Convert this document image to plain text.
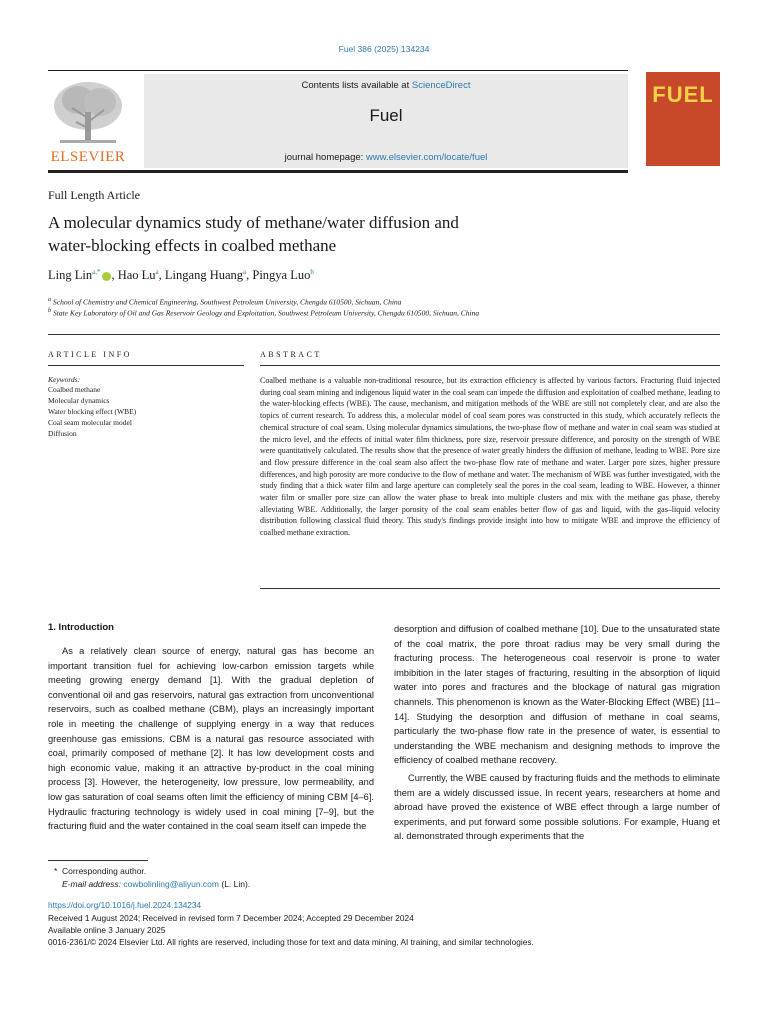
Fuel 386 (2025) 134234
ELSEVIER
Contents lists available at ScienceDirect
Fuel
journal homepage: www.elsevier.com/locate/fuel
FUEL
Full Length Article
A molecular dynamics study of methane/water diffusion and
water-blocking effects in coalbed methane
Ling Lin$^{a,*}$ , Hao Lu$^a$, Lingang Huang$^a$, Pingya Luo$^b$
$^a$ School of Chemistry and Chemical Engineering, Southwest Petroleum University, Chengdu 610500, Sichuan, China
$^b$ State Key Laboratory of Oil and Gas Reservoir Geology and Exploitation, Southwest Petroleum University, Chengdu 610500, Sichuan, China
ARTICLE INFO	ABSTRACT
Keywords:
Coalbed methane
Molecular dynamics
Water blocking effect (WBE)
Coal seam molecular model
Diffusion
Coalbed methane is a valuable non-traditional resource, but its extraction efficiency is affected by various factors. Fracturing fluid injected during coal seam mining and indigenous liquid water in the coal seam can impede the diffusion and exploitation of coalbed methane, leading to the water-blocking effects (WBE). The cause, mechanism, and mitigation methods of the WBE are still not completely clear, and are also the topics of current research. To address this, a molecular model of coal seam pores was constructed in this study, which accurately reflects the chemical structure of coal seam. Using molecular dynamics simulations, the two-phase flow of methane and water in coal seam was studied at the micro level, and the effects of initial water film thickness, pore size, reservoir pressure difference, and porosity on the strength of WBE were quantitatively calculated. The results show that the presence of water greatly hinders the diffusion of methane, leading to WBE. Pore size and flow pressure difference in the coal seam also affect the two-phase flow rate of methane and water. Larger pore sizes, higher pressure differences, and high porosity are more conducive to the flow of methane and water. The mechanism of WBE was further investigated, with the study finding that a thick water film and large aperture can completely seal the pores in the coal seam, leading to WBE. However, a thinner water film or smaller pore size can allow the water phase to break into multiple clusters and mix with the methane gas phase, thereby alleviating WBE. Additionally, the larger porosity of the coal seam enables better flow of gas and liquid, with the gas–liquid velocity distribution following classical fluid theory. This study's findings provide insight into how to mitigate WBE and improve the efficiency of coalbed methane extraction.
1. Introduction

As a relatively clean source of energy, natural gas has become an important transition fuel for achieving low-carbon emission targets while meeting growing energy demand [1]. With the gradual depletion of conventional oil and gas reservoirs, natural gas extraction from unconventional reservoirs, such as coalbed methane (CBM), plays an increasingly important role in meeting the challenge of supplying energy in a way that reduces greenhouse gas emissions. CBM is a natural gas resource associated with coal, primarily composed of methane [2]. It has low development costs and high economic value, making it an attractive by-product in the coal mining process [3]. However, the heterogeneity, low pressure, low permeability, and low gas saturation of coal seams often limit the efficiency of mining CBM [4–6]. Hydraulic fracturing technology is widely used in coal mining [7–9], but the fracturing fluid and the water contained in the coal seam itself can impede the

desorption and diffusion of coalbed methane [10]. Due to the unsaturated state of the coal matrix, the pore throat radius may be very small during the fracturing process. The heterogeneous coal reservoir is prone to water imbibition in the later stages of fracturing, resulting in the absorption of liquid water into pores and fractures and the blockage of natural gas migration channels. This phenomenon is known as the Water-Blocking Effect (WBE) [11–14]. Studying the desorption and diffusion of methane in coal seams, particularly the two-phase flow rate in the presence of water, is essential to understanding the WBE mechanism and designing methods to improve the efficiency of coalbed methane recovery.

Currently, the WBE caused by fracturing fluids and the methods to eliminate them are a widely discussed issue. In recent years, researchers at home and abroad have proved the existence of WBE effect through a large number of experiments, and put forward some possible solutions. For example, Huang et al. demonstrated through experiments that the

* Corresponding author.
E-mail address: cowbolinling@aliyun.com (L. Lin).
https://doi.org/10.1016/j.fuel.2024.134234
Received 1 August 2024; Received in revised form 7 December 2024; Accepted 29 December 2024
Available online 3 January 2025
0016-2361/© 2024 Elsevier Ltd. All rights are reserved, including those for text and data mining, AI training, and similar technologies.
